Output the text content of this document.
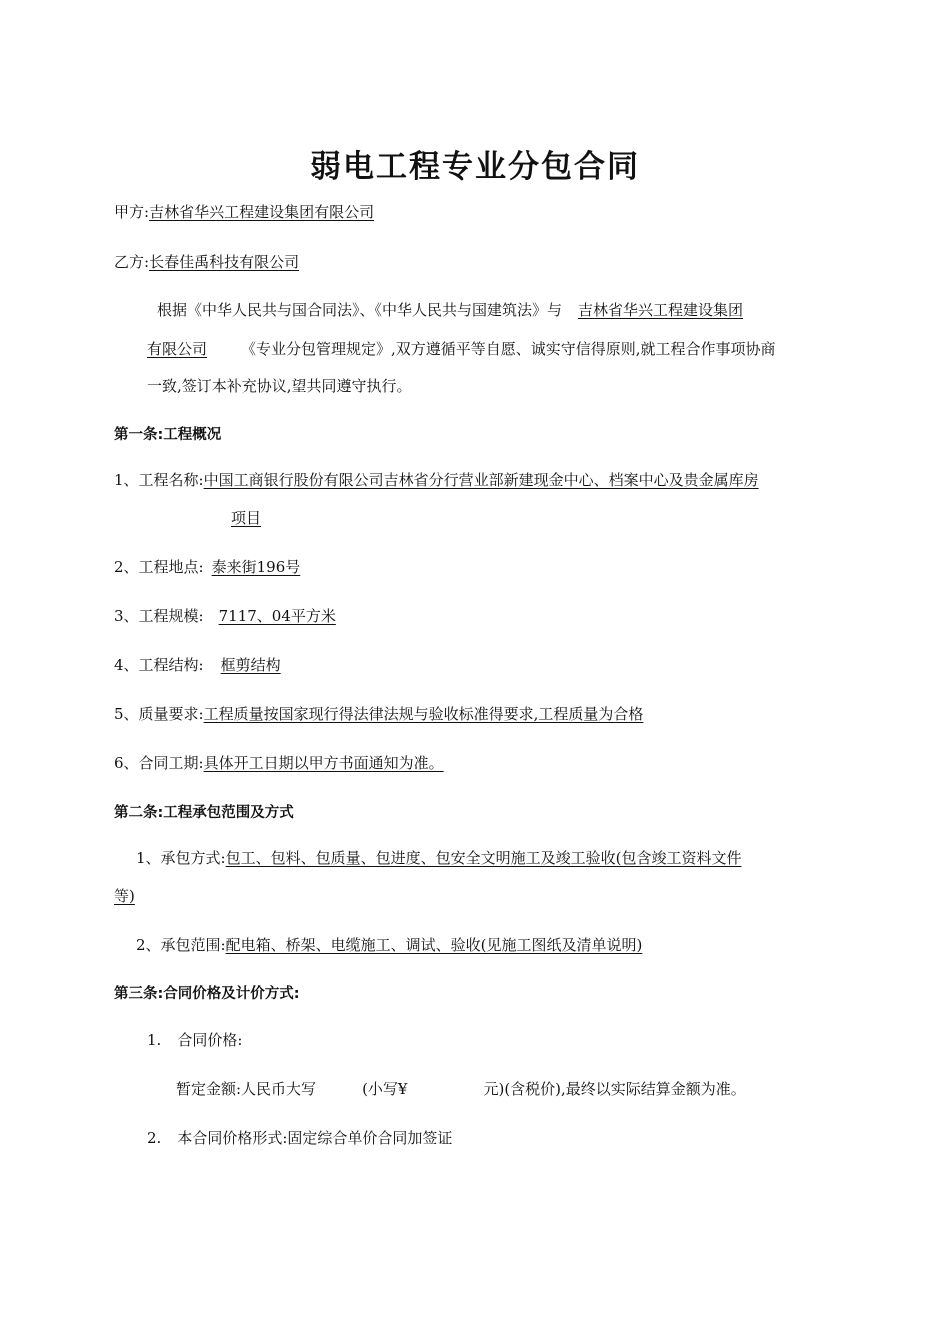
弱电工程专业分包合同
甲方:吉林省华兴工程建设集团有限公司
乙方:长春佳禹科技有限公司
根据《中华人民共与国合同法》、《中华人民共与国建筑法》与 吉林省华兴工程建设集团
有限公司 《专业分包管理规定》,双方遵循平等自愿、诚实守信得原则,就工程合作事项协商
一致,签订本补充协议,望共同遵守执行。
第一条:工程概况
1、工程名称:中国工商银行股份有限公司吉林省分行营业部新建现金中心、档案中心及贵金属库房
项目
2、工程地点: 泰来街196号
3、工程规模: 7117、04平方米
4、工程结构: 框剪结构
5、质量要求:工程质量按国家现行得法律法规与验收标准得要求,工程质量为合格
6、合同工期:具体开工日期以甲方书面通知为准。
第二条:工程承包范围及方式
1、承包方式:包工、包料、包质量、包进度、包安全文明施工及竣工验收(包含竣工资料文件
等)
2、承包范围:配电箱、桥架、电缆施工、调试、验收(见施工图纸及清单说明)
第三条:合同价格及计价方式:
1. 合同价格:
暂定金额:人民币大写	(小写¥	元)(含税价),最终以实际结算金额为准。
2. 本合同价格形式:固定综合单价合同加签证
